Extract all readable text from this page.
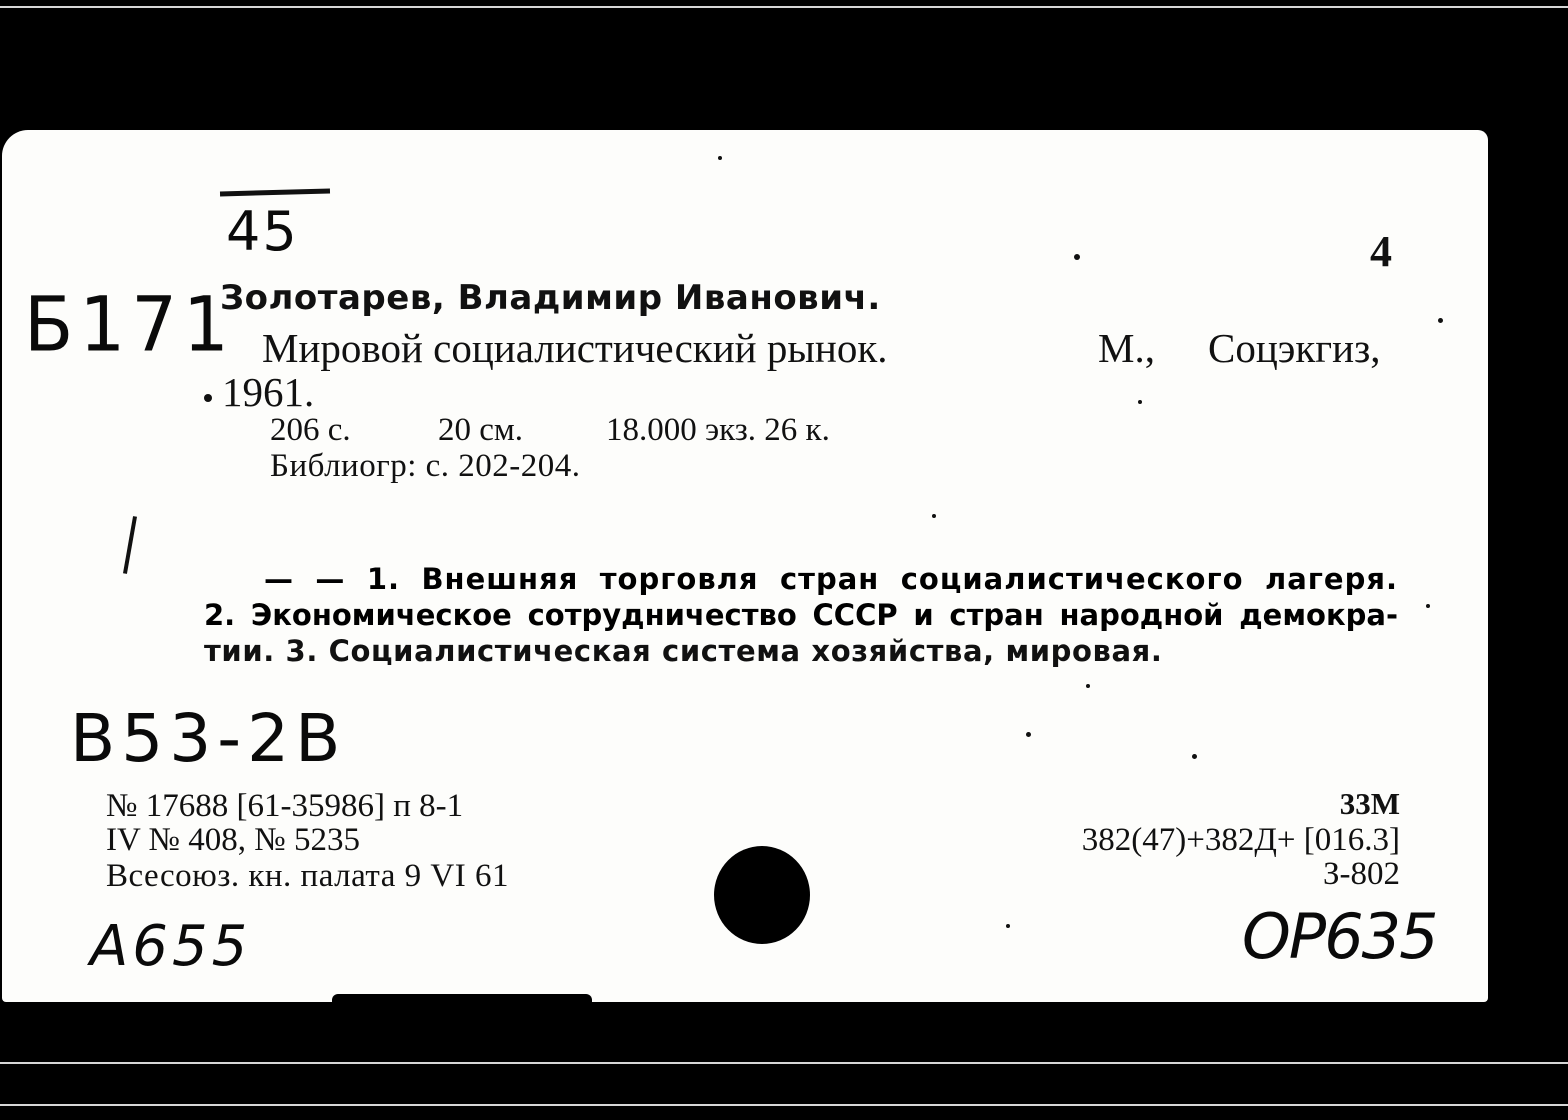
Б171
45	4
Золотарев, Владимир Иванович.
Мировой социалистический рынок.	М., Соцэкгиз,
1961.
206 с.	20 см.	18.000 экз. 26 к.
Библиогр: с. 202-204.
— — 1. Внешняя торговля стран социалистического лагеря.
2. Экономическое сотрудничество СССР и стран народной демокра-
тии. 3. Социалистическая система хозяйства, мировая.
B53-2B
№ 17688 [61-35986] п 8-1
IV № 408, № 5235
Всесоюз. кн. палата 9 VI 61
33М
382(47)+382Д+ [016.3]
З-802
A655	ОР635
